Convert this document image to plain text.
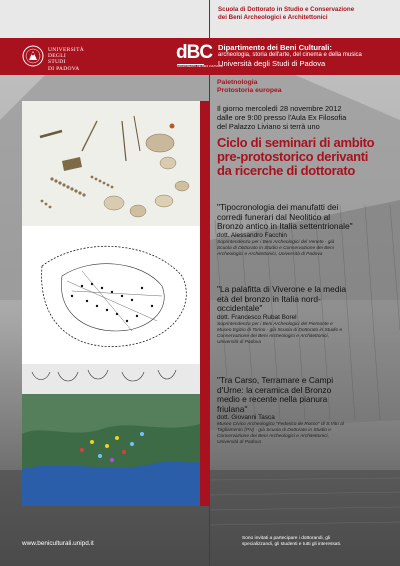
Scuola di Dottorato in Studio e Conservazione
dei Beni Archeologici e Architettonici
UNIVERSITÀ
DEGLI STUDI
DI PADOVA
dBC
DIPARTIMENTO DEI BENI CULTURALI
Dipartimento dei Beni Culturali:
archeologia, storia dell'arte, del cinema e della musica
Università degli Studi di Padova
Paletnologia
Protostoria europea
Il giorno mercoledì 28 novembre 2012
dalle ore 9:00 presso l'Aula Ex Filosofia
del Palazzo Liviano si terrà uno
Ciclo di seminari di ambito
pre-protostorico derivanti
da ricerche di dottorato
"Tipocronologia dei manufatti dei
corredi funerari dal Neolitico al
Bronzo antico in Italia settentrionale"
dott. Alessandro Facchin
Soprintendenza per i Beni Archeologici del Veneto - già
Scuola di Dottorato in Studio e Conservazione dei Beni
Archeologici e Architettonici, Università di Padova
"La palafitta di Viverone e la media
età del bronzo in Italia nord-
occidentale"
dott. Francesco Rubat Borel
Soprintendenza per i Beni Archeologici del Piemonte e
Museo Egizio di Torino - già Scuola di Dottorato in Studio e
Conservazione dei Beni Archeologici e Architettonici,
Università di Padova
"Tra Carso, Terramare e Campi
d'Urne: la ceramica del Bronzo
medio e recente nella pianura
friulana"
dott. Giovanni Tasca
Museo Civico Archeologico "Federico de Rocco" di S.Vito al
Tagliamento (PN) - già Scuola di Dottorato in Studio e
Conservazione dei Beni Archeologici e Architettonici,
Università di Padova
www.beniculturali.unipd.it
Sono invitati a partecipare i dottorandi, gli
specializzandi, gli studenti e tutti gli interessati.
